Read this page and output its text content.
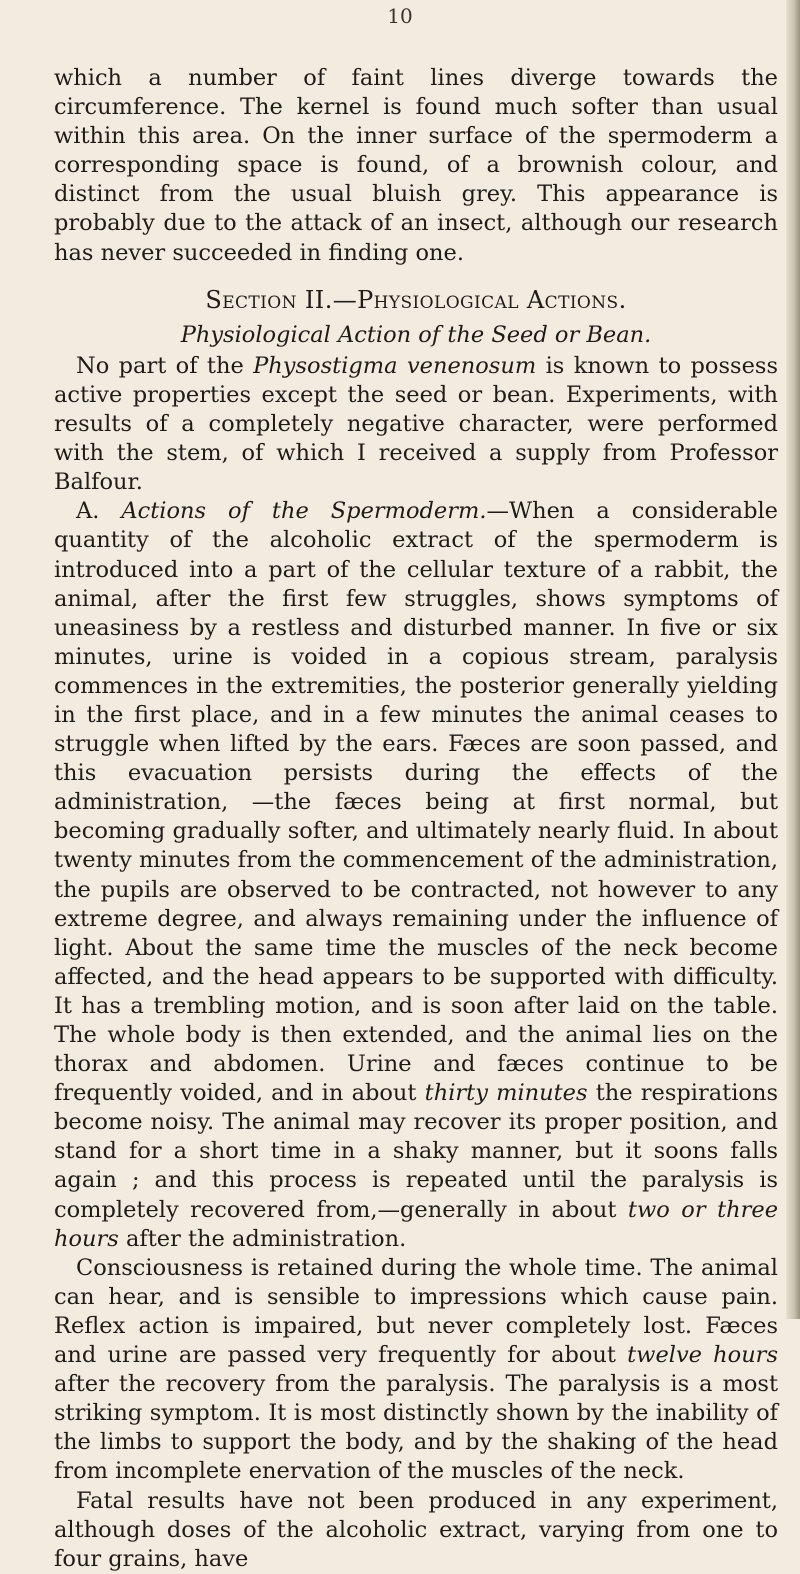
10

which a number of faint lines diverge towards the circumference. The kernel is found much softer than usual within this area. On the inner surface of the spermoderm a corresponding space is found, of a brownish colour, and distinct from the usual bluish grey. This appearance is probably due to the attack of an insect, although our research has never succeeded in finding one.

Section II.—Physiological Actions.
Physiological Action of the Seed or Bean.

No part of the Physostigma venenosum is known to possess active properties except the seed or bean. Experiments, with results of a completely negative character, were performed with the stem, of which I received a supply from Professor Balfour.

A. Actions of the Spermoderm.—When a considerable quantity of the alcoholic extract of the spermoderm is introduced into a part of the cellular texture of a rabbit, the animal, after the first few struggles, shows symptoms of uneasiness by a restless and disturbed manner. In five or six minutes, urine is voided in a copious stream, paralysis commences in the extremities, the posterior generally yielding in the first place, and in a few minutes the animal ceases to struggle when lifted by the ears. Fæces are soon passed, and this evacuation persists during the effects of the administration, —the fæces being at first normal, but becoming gradually softer, and ultimately nearly fluid. In about twenty minutes from the commencement of the administration, the pupils are observed to be contracted, not however to any extreme degree, and always remaining under the influence of light. About the same time the muscles of the neck become affected, and the head appears to be supported with difficulty. It has a trembling motion, and is soon after laid on the table. The whole body is then extended, and the animal lies on the thorax and abdomen. Urine and fæces continue to be frequently voided, and in about thirty minutes the respirations become noisy. The animal may recover its proper position, and stand for a short time in a shaky manner, but it soons falls again ; and this process is repeated until the paralysis is completely recovered from,—generally in about two or three hours after the administration.

Consciousness is retained during the whole time. The animal can hear, and is sensible to impressions which cause pain. Reflex action is impaired, but never completely lost. Fæces and urine are passed very frequently for about twelve hours after the recovery from the paralysis. The paralysis is a most striking symptom. It is most distinctly shown by the inability of the limbs to support the body, and by the shaking of the head from incomplete enervation of the muscles of the neck.

Fatal results have not been produced in any experiment, although doses of the alcoholic extract, varying from one to four grains, have
